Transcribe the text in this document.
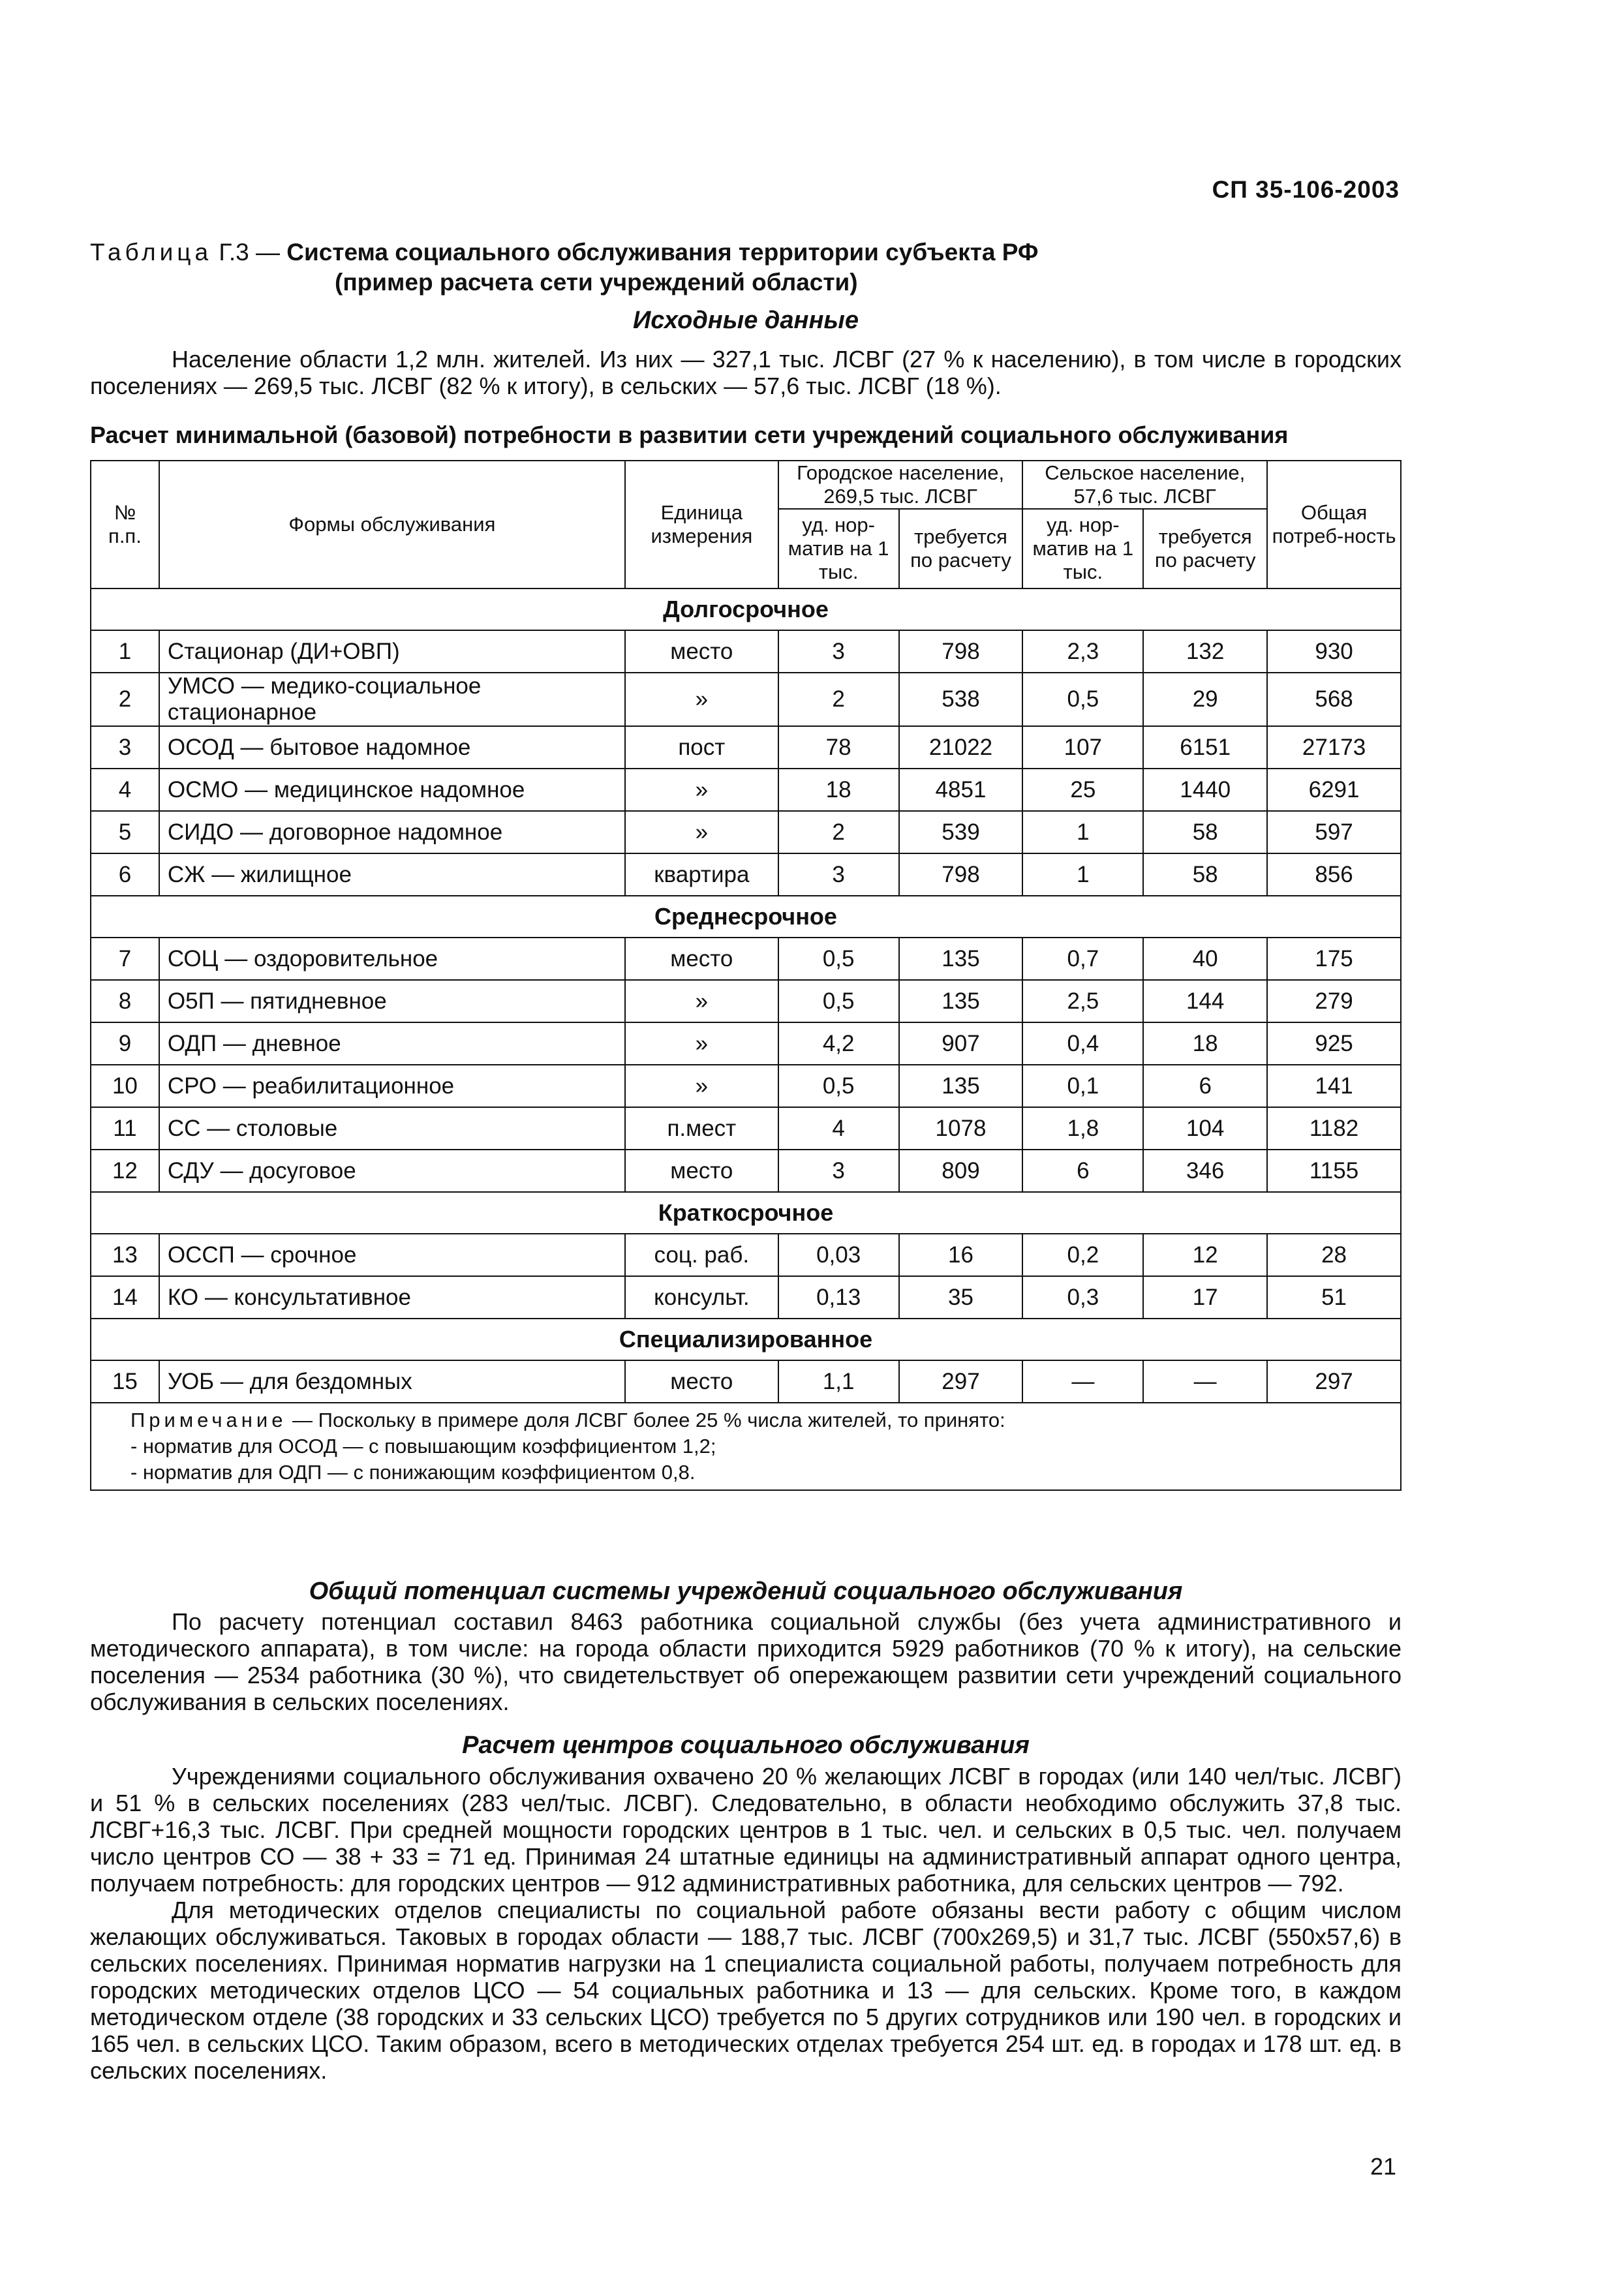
СП 35-106-2003
Таблица Г.3 — Система социального обслуживания территории субъекта РФ
(пример расчета сети учреждений области)
Исходные данные

Население области 1,2 млн. жителей. Из них — 327,1 тыс. ЛСВГ (27 % к населению), в том числе в городских поселениях — 269,5 тыс. ЛСВГ (82 % к итогу), в сельских — 57,6 тыс. ЛСВГ (18 %).

Расчет минимальной (базовой) потребности в развитии сети учреждений социального обслуживания
№ п.п.	Формы обслуживания	Единица измерения	Городское население, 269,5 тыс. ЛСВГ		Сельское население, 57,6 тыс. ЛСВГ		Общая потреб-ность
			уд. нор-матив на 1 тыс.	требуется по расчету	уд. нор-матив на 1 тыс.	требуется по расчету	
Долгосрочное							
1	Стационар (ДИ+ОВП)	место	3	798	2,3	132	930
2	УМСО — медико-социальное стационарное	»	2	538	0,5	29	568
3	ОСОД — бытовое надомное	пост	78	21022	107	6151	27173
4	ОСМО — медицинское надомное	»	18	4851	25	1440	6291
5	СИДО — договорное надомное	»	2	539	1	58	597
6	СЖ — жилищное	квартира	3	798	1	58	856
Среднесрочное							
7	СОЦ — оздоровительное	место	0,5	135	0,7	40	175
8	О5П — пятидневное	»	0,5	135	2,5	144	279
9	ОДП — дневное	»	4,2	907	0,4	18	925
10	СРО — реабилитационное	»	0,5	135	0,1	6	141
11	СС — столовые	п.мест	4	1078	1,8	104	1182
12	СДУ — досуговое	место	3	809	6	346	1155
Краткосрочное							
13	ОССП — срочное	соц. раб.	0,03	16	0,2	12	28
14	КО — консультативное	консульт.	0,13	35	0,3	17	51
Специализированное							
15	УОБ — для бездомных	место	1,1	297	—	—	297

Примечание — Поскольку в примере доля ЛСВГ более 25 % числа жителей, то принято:
- норматив для ОСОД — с повышающим коэффициентом 1,2;
- норматив для ОДП — с понижающим коэффициентом 0,8.							
Общий потенциал системы учреждений социального обслуживания

По расчету потенциал составил 8463 работника социальной службы (без учета административного и методического аппарата), в том числе: на города области приходится 5929 работников (70 % к итогу), на сельские поселения — 2534 работника (30 %), что свидетельствует об опережающем развитии сети учреждений социального обслуживания в сельских поселениях.

Расчет центров социального обслуживания

Учреждениями социального обслуживания охвачено 20 % желающих ЛСВГ в городах (или 140 чел/тыс. ЛСВГ) и 51 % в сельских поселениях (283 чел/тыс. ЛСВГ). Следовательно, в области необходимо обслужить 37,8 тыс. ЛСВГ+16,3 тыс. ЛСВГ. При средней мощности городских центров в 1 тыс. чел. и сельских в 0,5 тыс. чел. получаем число центров СО — 38 + 33 = 71 ед. Принимая 24 штатные единицы на административный аппарат одного центра, получаем потребность: для городских центров — 912 административных работника, для сельских центров — 792.

Для методических отделов специалисты по социальной работе обязаны вести работу с общим числом желающих обслуживаться. Таковых в городах области — 188,7 тыс. ЛСВГ (700х269,5) и 31,7 тыс. ЛСВГ (550х57,6) в сельских поселениях. Принимая норматив нагрузки на 1 специалиста социальной работы, получаем потребность для городских методических отделов ЦСО — 54 социальных работника и 13 — для сельских. Кроме того, в каждом методическом отделе (38 городских и 33 сельских ЦСО) требуется по 5 других сотрудников или 190 чел. в городских и 165 чел. в сельских ЦСО. Таким образом, всего в методических отделах требуется 254 шт. ед. в городах и 178 шт. ед. в сельских поселениях.

21
